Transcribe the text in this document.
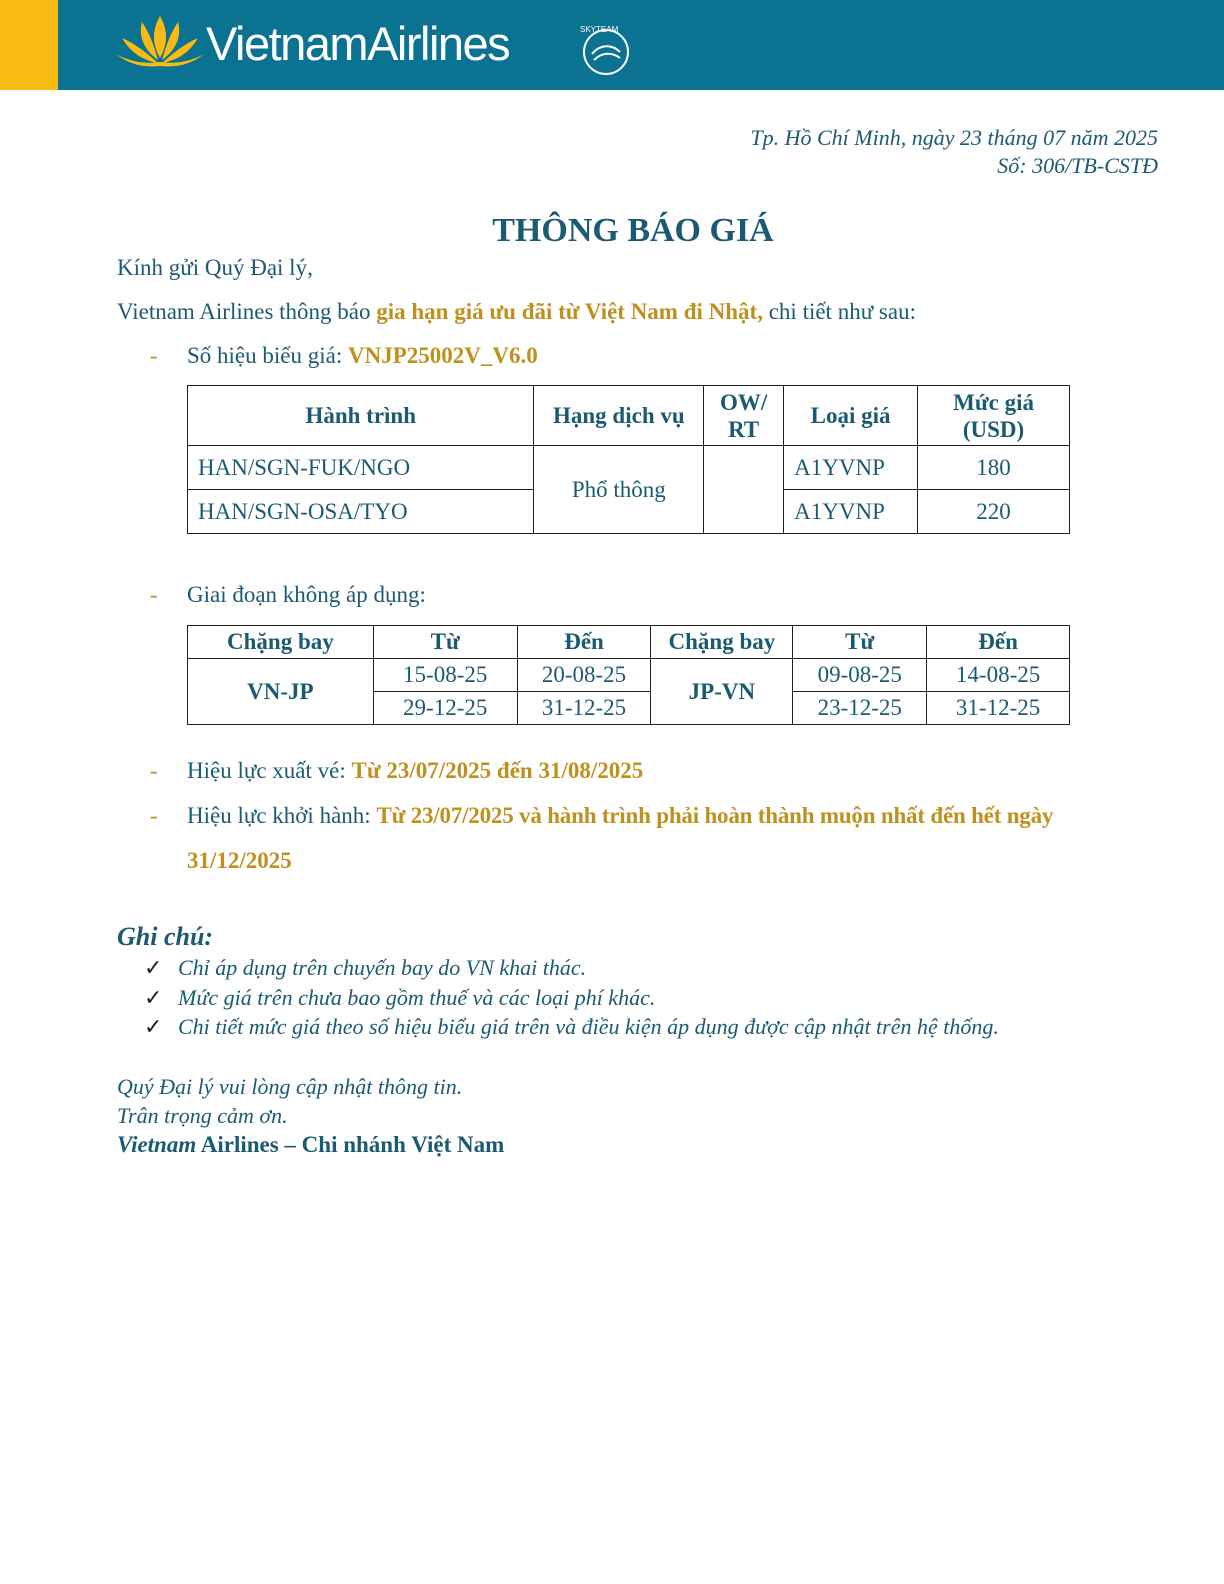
VietnamAirlines	SKYTEAM
Tp. Hồ Chí Minh, ngày 23 tháng 07 năm 2025
Số: 306/TB-CSTĐ
THÔNG BÁO GIÁ
Kính gửi Quý Đại lý,
Vietnam Airlines thông báo gia hạn giá ưu đãi từ Việt Nam đi Nhật, chi tiết như sau:
- Số hiệu biểu giá: VNJP25002V_V6.0
Hành trình	Hạng dịch vụ	OW/ RT	Loại giá	Mức giá (USD)
HAN/SGN-FUK/NGO	Phổ thông		A1YVNP	180
HAN/SGN-OSA/TYO			A1YVNP	220
- Giai đoạn không áp dụng:
Chặng bay	Từ	Đến	Chặng bay	Từ	Đến
VN-JP	15-08-25	20-08-25	JP-VN	09-08-25	14-08-25
	29-12-25	31-12-25		23-12-25	31-12-25
- Hiệu lực xuất vé: Từ 23/07/2025 đến 31/08/2025
- Hiệu lực khởi hành: Từ 23/07/2025 và hành trình phải hoàn thành muộn nhất đến hết ngày
31/12/2025
Ghi chú:
✓ Chỉ áp dụng trên chuyến bay do VN khai thác.
✓ Mức giá trên chưa bao gồm thuế và các loại phí khác.
✓ Chi tiết mức giá theo số hiệu biểu giá trên và điều kiện áp dụng được cập nhật trên hệ thống.
Quý Đại lý vui lòng cập nhật thông tin.
Trân trọng cảm ơn.
Vietnam Airlines – Chi nhánh Việt Nam
